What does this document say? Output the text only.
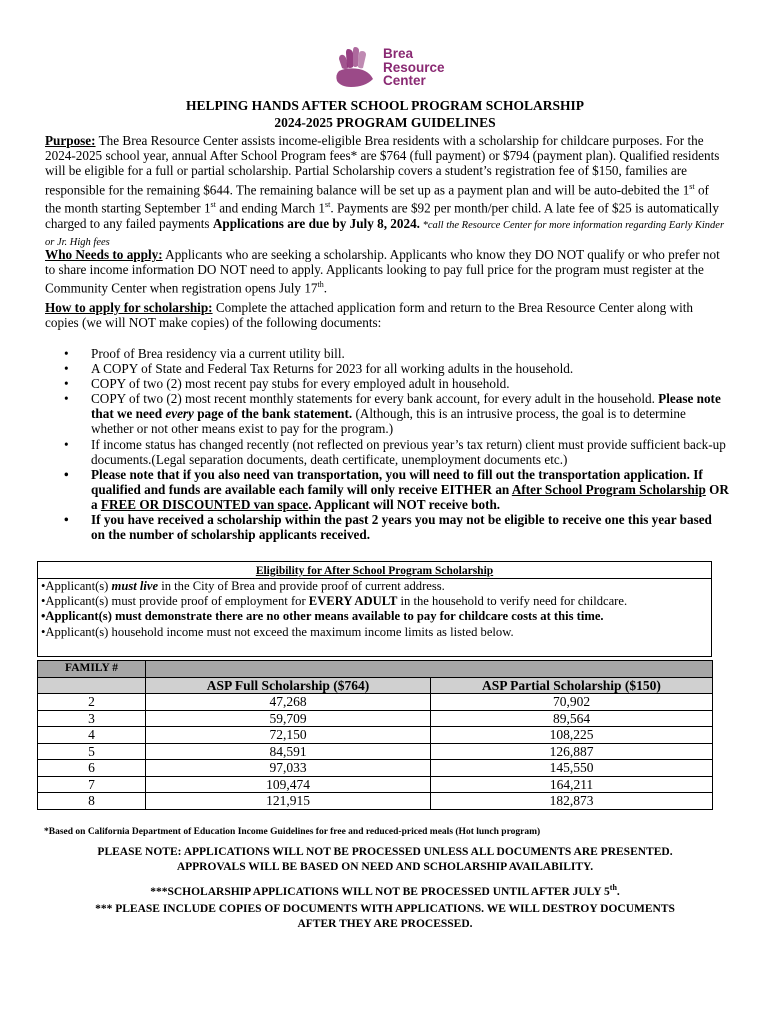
Brea
Resource
Center
HELPING HANDS AFTER SCHOOL PROGRAM SCHOLARSHIP
2024-2025 PROGRAM GUIDELINES
Purpose: The Brea Resource Center assists income-eligible Brea residents with a scholarship for childcare purposes. For the 2024-2025 school year, annual After School Program fees* are $764 (full payment) or $794 (payment plan). Qualified residents will be eligible for a full or partial scholarship. Partial Scholarship covers a student’s registration fee of $150, families are responsible for the remaining $644. The remaining balance will be set up as a payment plan and will be auto-debited the 1st of the month starting September 1st and ending March 1st. Payments are $92 per month/per child. A late fee of $25 is automatically charged to any failed payments Applications are due by July 8, 2024. *call the Resource Center for more information regarding Early Kinder or Jr. High fees
Who Needs to apply: Applicants who are seeking a scholarship. Applicants who know they DO NOT qualify or who prefer not to share income information DO NOT need to apply. Applicants looking to pay full price for the program must register at the Community Center when registration opens July 17th.
How to apply for scholarship: Complete the attached application form and return to the Brea Resource Center along with copies (we will NOT make copies) of the following documents:
• Proof of Brea residency via a current utility bill.
• A COPY of State and Federal Tax Returns for 2023 for all working adults in the household.
• COPY of two (2) most recent pay stubs for every employed adult in household.
• COPY of two (2) most recent monthly statements for every bank account, for every adult in the household. Please note that we need every page of the bank statement. (Although, this is an intrusive process, the goal is to determine whether or not other means exist to pay for the program.)
• If income status has changed recently (not reflected on previous year’s tax return) client must provide sufficient back-up documents.(Legal separation documents, death certificate, unemployment documents etc.)
• Please note that if you also need van transportation, you will need to fill out the transportation application. If qualified and funds are available each family will only receive EITHER an After School Program Scholarship OR a FREE OR DISCOUNTED van space. Applicant will NOT receive both.
• If you have received a scholarship within the past 2 years you may not be eligible to receive one this year based on the number of scholarship applicants received.
Eligibility for After School Program Scholarship
•Applicant(s) must live in the City of Brea and provide proof of current address.
•Applicant(s) must provide proof of employment for EVERY ADULT in the household to verify need for childcare.
•Applicant(s) must demonstrate there are no other means available to pay for childcare costs at this time.
•Applicant(s) household income must not exceed the maximum income limits as listed below.
FAMILY #		
	ASP Full Scholarship ($764)	ASP Partial Scholarship ($150)
2	47,268	70,902
3	59,709	89,564
4	72,150	108,225
5	84,591	126,887
6	97,033	145,550
7	109,474	164,211
8	121,915	182,873
*Based on California Department of Education Income Guidelines for free and reduced-priced meals (Hot lunch program)
PLEASE NOTE: APPLICATIONS WILL NOT BE PROCESSED UNLESS ALL DOCUMENTS ARE PRESENTED.
APPROVALS WILL BE BASED ON NEED AND SCHOLARSHIP AVAILABILITY.
***SCHOLARSHIP APPLICATIONS WILL NOT BE PROCESSED UNTIL AFTER JULY 5th.
*** PLEASE INCLUDE COPIES OF DOCUMENTS WITH APPLICATIONS. WE WILL DESTROY DOCUMENTS
AFTER THEY ARE PROCESSED.
